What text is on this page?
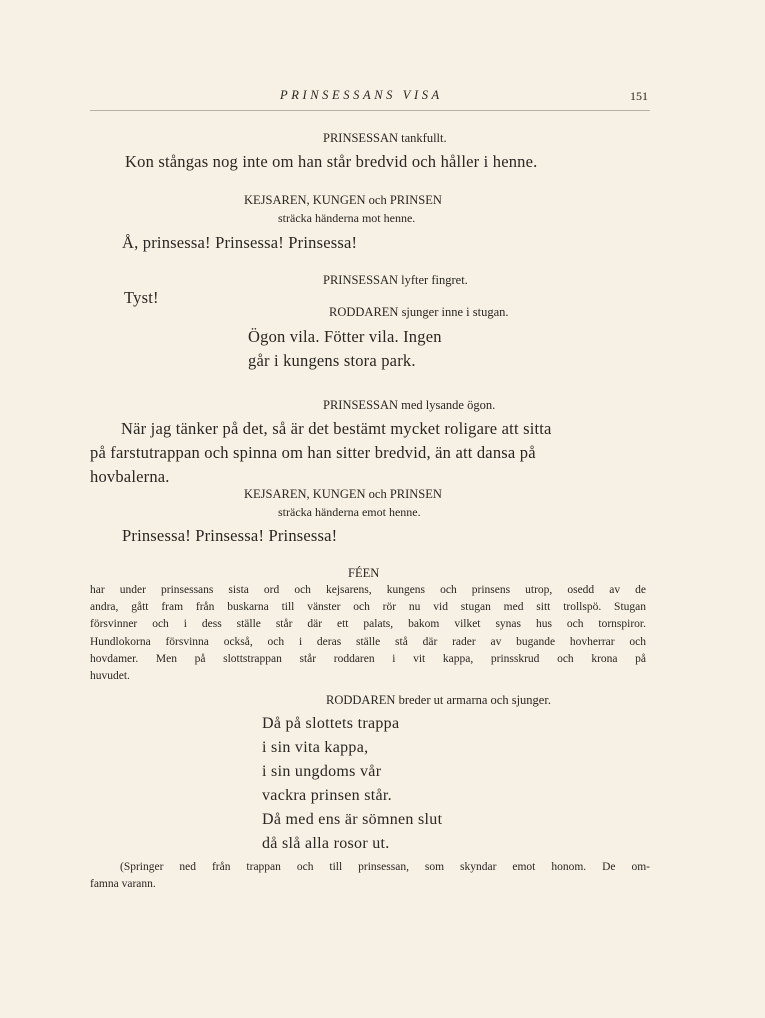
PRINSESSANS VISA	151
PRINSESSAN tankfullt.
Kon stångas nog inte om han står bredvid och håller i henne.
KEJSAREN, KUNGEN och PRINSEN
sträcka händerna mot henne.
Å, prinsessa! Prinsessa! Prinsessa!
PRINSESSAN lyfter fingret.
Tyst!
RODDAREN sjunger inne i stugan.
Ögon vila. Fötter vila. Ingen
går i kungens stora park.
PRINSESSAN med lysande ögon.
När jag tänker på det, så är det bestämt mycket roligare att sitta
på farstutrappan och spinna om han sitter bredvid, än att dansa på
hovbalerna.
KEJSAREN, KUNGEN och PRINSEN
sträcka händerna emot henne.
Prinsessa! Prinsessa! Prinsessa!
FÉEN
har under prinsessans sista ord och kejsarens, kungens och prinsens utrop, osedd av de
andra, gått fram från buskarna till vänster och rör nu vid stugan med sitt trollspö. Stugan
försvinner och i dess ställe står där ett palats, bakom vilket synas hus och tornspiror.
Hundlokorna försvinna också, och i deras ställe stå där rader av bugande hovherrar och
hovdamer. Men på slottstrappan står roddaren i vit kappa, prinsskrud och krona på
huvudet.
RODDAREN breder ut armarna och sjunger.
Då på slottets trappa
i sin vita kappa,
i sin ungdoms vår
vackra prinsen står.
Då med ens är sömnen slut
då slå alla rosor ut.
(Springer ned från trappan och till prinsessan, som skyndar emot honom. De om-
famna varann.
